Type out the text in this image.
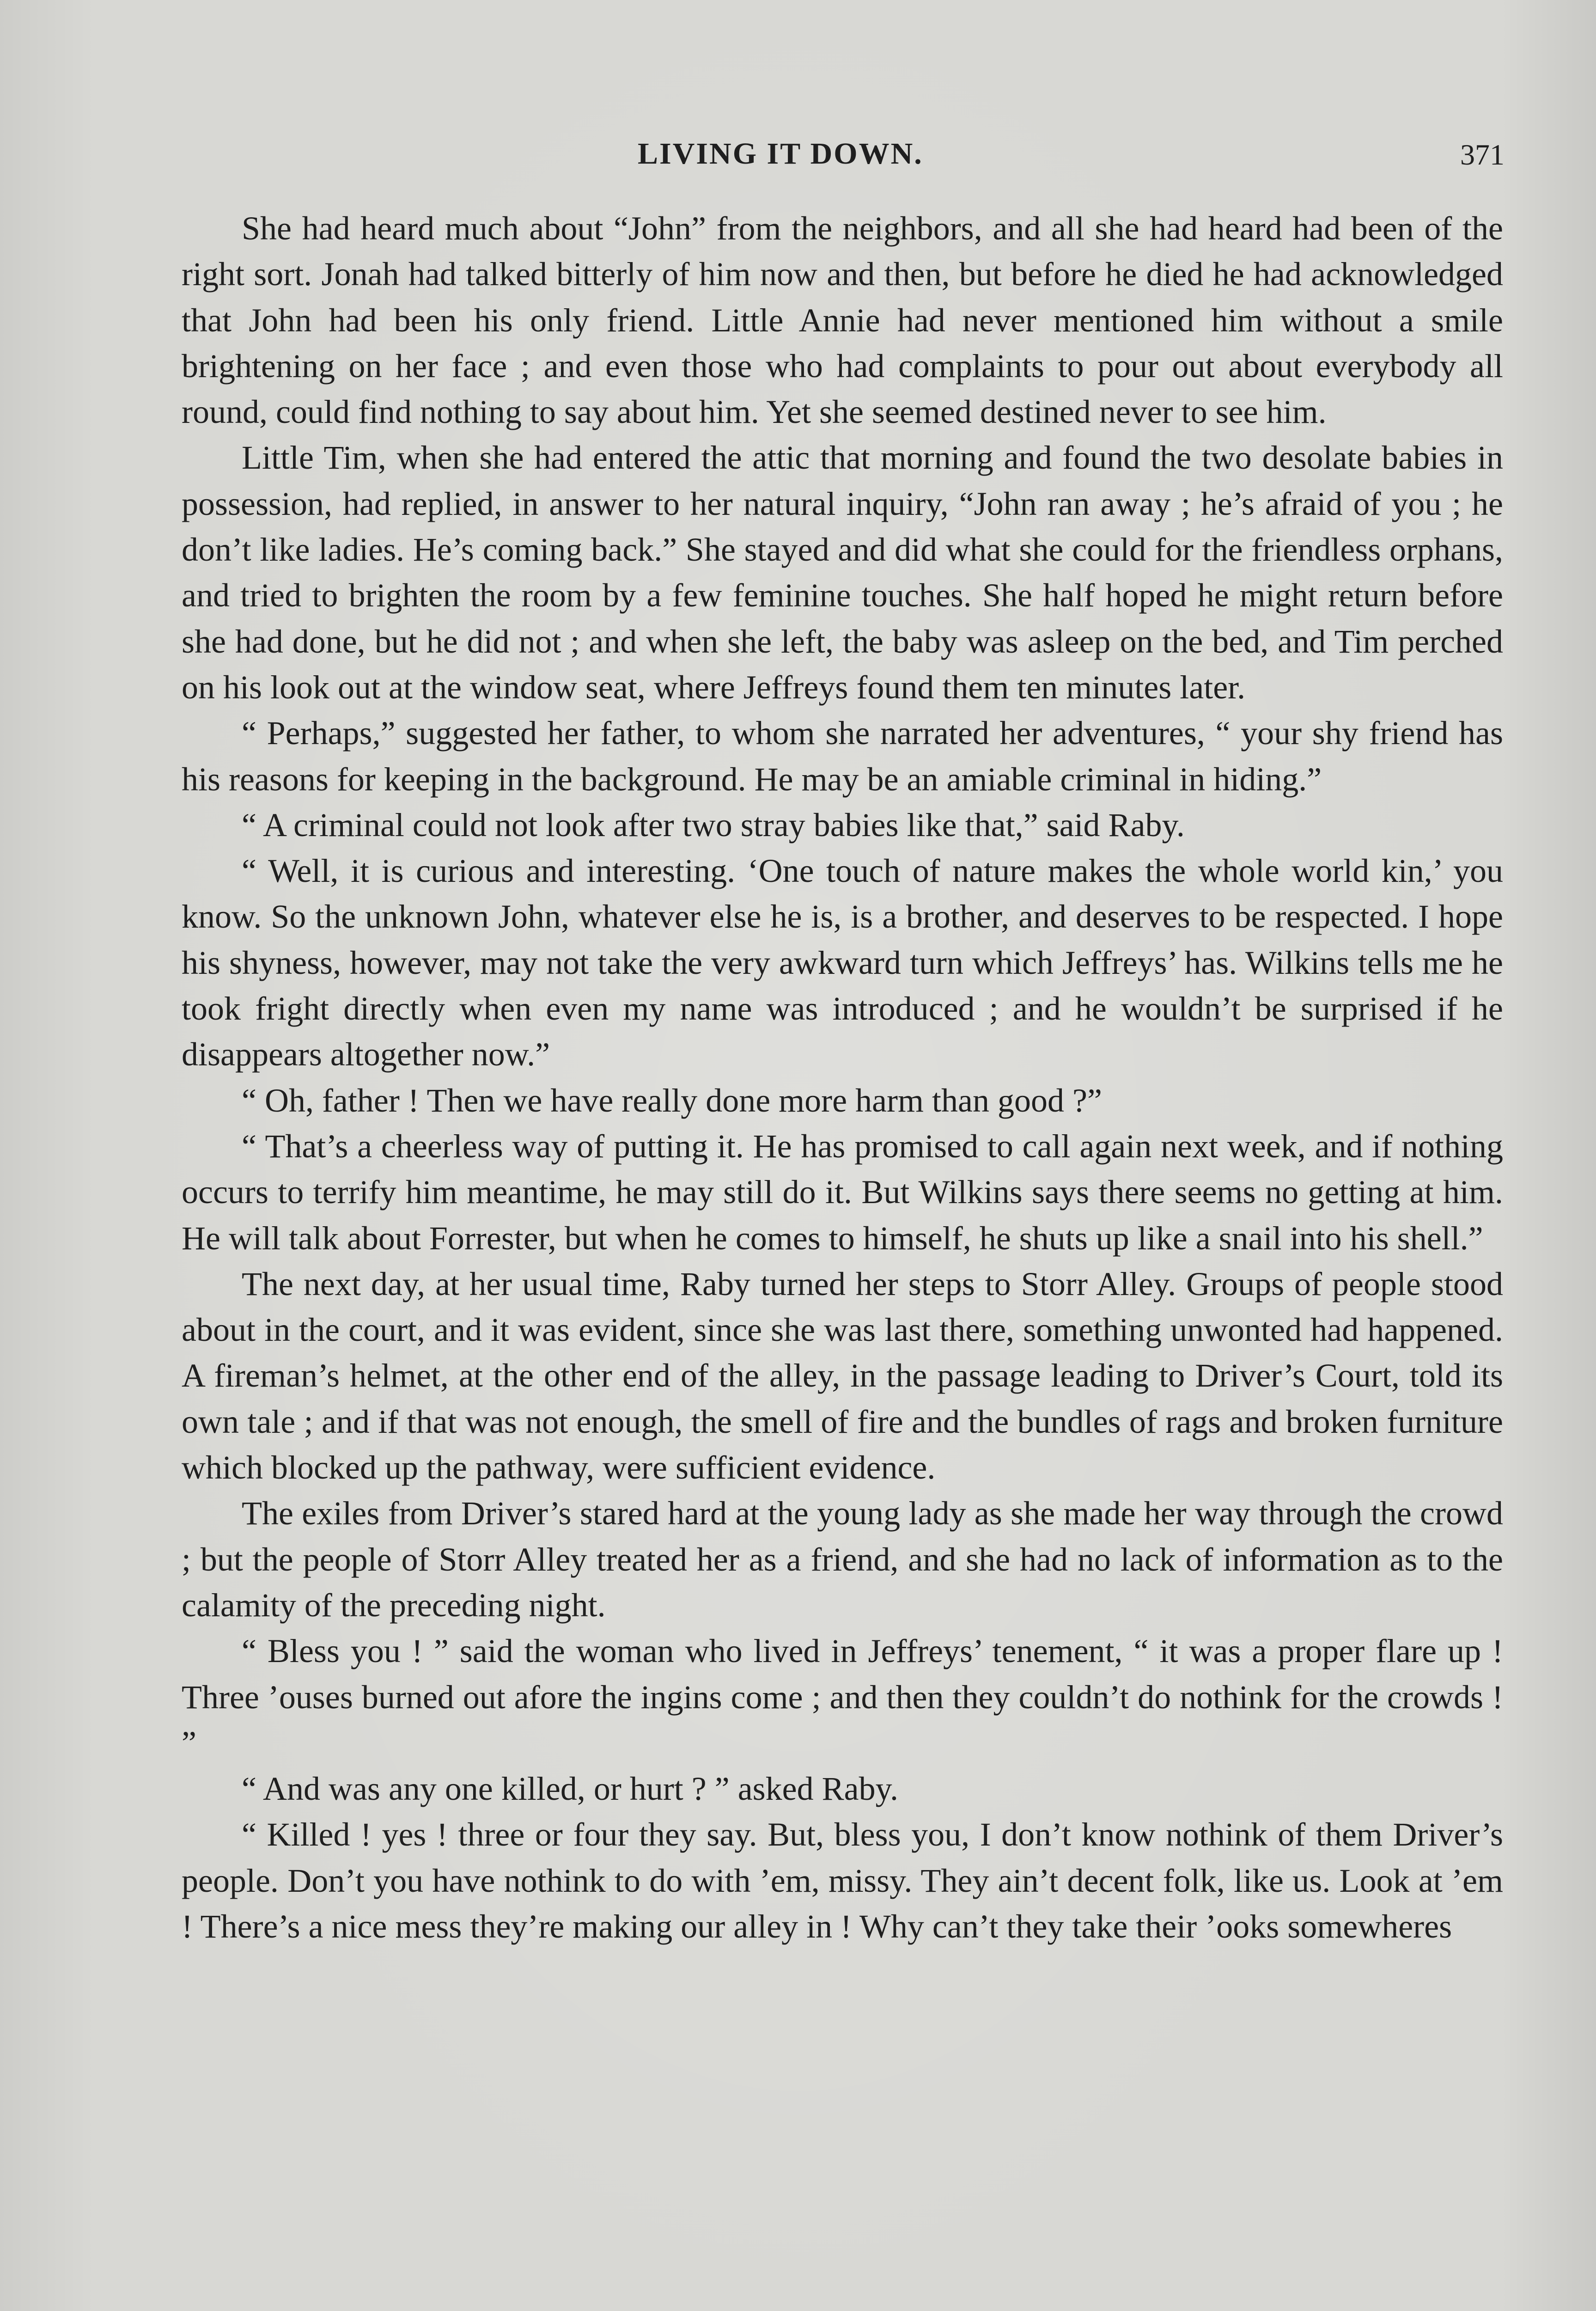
LIVING IT DOWN.	371

She had heard much about “John” from the neighbors, and all she had heard had been of the right sort. Jonah had talked bitterly of him now and then, but before he died he had acknowledged that John had been his only friend. Little Annie had never mentioned him without a smile brightening on her face ; and even those who had complaints to pour out about everybody all round, could find nothing to say about him. Yet she seemed destined never to see him.

Little Tim, when she had entered the attic that morning and found the two desolate babies in possession, had replied, in answer to her natural inquiry, “John ran away ; he’s afraid of you ; he don’t like ladies. He’s coming back.” She stayed and did what she could for the friendless orphans, and tried to brighten the room by a few feminine touches. She half hoped he might return before she had done, but he did not ; and when she left, the baby was asleep on the bed, and Tim perched on his look out at the window seat, where Jeffreys found them ten minutes later.

“ Perhaps,” suggested her father, to whom she narrated her adventures, “ your shy friend has his reasons for keeping in the background. He may be an amiable criminal in hiding.”

“ A criminal could not look after two stray babies like that,” said Raby.

“ Well, it is curious and interesting. ‘One touch of nature makes the whole world kin,’ you know. So the unknown John, whatever else he is, is a brother, and deserves to be respected. I hope his shyness, however, may not take the very awkward turn which Jeffreys’ has. Wilkins tells me he took fright directly when even my name was introduced ; and he wouldn’t be surprised if he disappears altogether now.”

“ Oh, father ! Then we have really done more harm than good ?”

“ That’s a cheerless way of putting it. He has promised to call again next week, and if nothing occurs to terrify him meantime, he may still do it. But Wilkins says there seems no getting at him. He will talk about Forrester, but when he comes to himself, he shuts up like a snail into his shell.”

The next day, at her usual time, Raby turned her steps to Storr Alley. Groups of people stood about in the court, and it was evident, since she was last there, something unwonted had happened. A fireman’s helmet, at the other end of the alley, in the passage leading to Driver’s Court, told its own tale ; and if that was not enough, the smell of fire and the bundles of rags and broken furniture which blocked up the pathway, were sufficient evidence.

The exiles from Driver’s stared hard at the young lady as she made her way through the crowd ; but the people of Storr Alley treated her as a friend, and she had no lack of information as to the calamity of the preceding night.

“ Bless you ! ” said the woman who lived in Jeffreys’ tenement, “ it was a proper flare up ! Three ’ouses burned out afore the ingins come ; and then they couldn’t do nothink for the crowds ! ”

“ And was any one killed, or hurt ? ” asked Raby.

“ Killed ! yes ! three or four they say. But, bless you, I don’t know nothink of them Driver’s people. Don’t you have nothink to do with ’em, missy. They ain’t decent folk, like us. Look at ’em ! There’s a nice mess they’re making our alley in ! Why can’t they take their ’ooks somewheres
